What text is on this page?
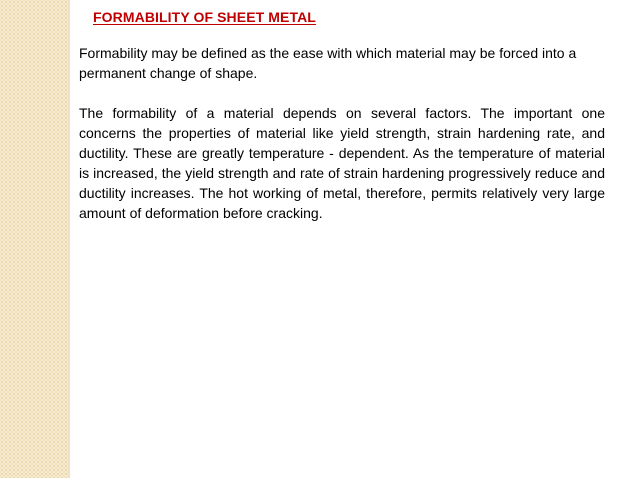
FORMABILITY OF SHEET METAL

Formability may be defined as the ease with which material may be forced into a permanent change of shape.

The formability of a material depends on several factors. The important one concerns the properties of material like yield strength, strain hardening rate, and ductility. These are greatly temperature - dependent. As the temperature of material is increased, the yield strength and rate of strain hardening progressively reduce and ductility increases. The hot working of metal, therefore, permits relatively very large amount of deformation before cracking.
